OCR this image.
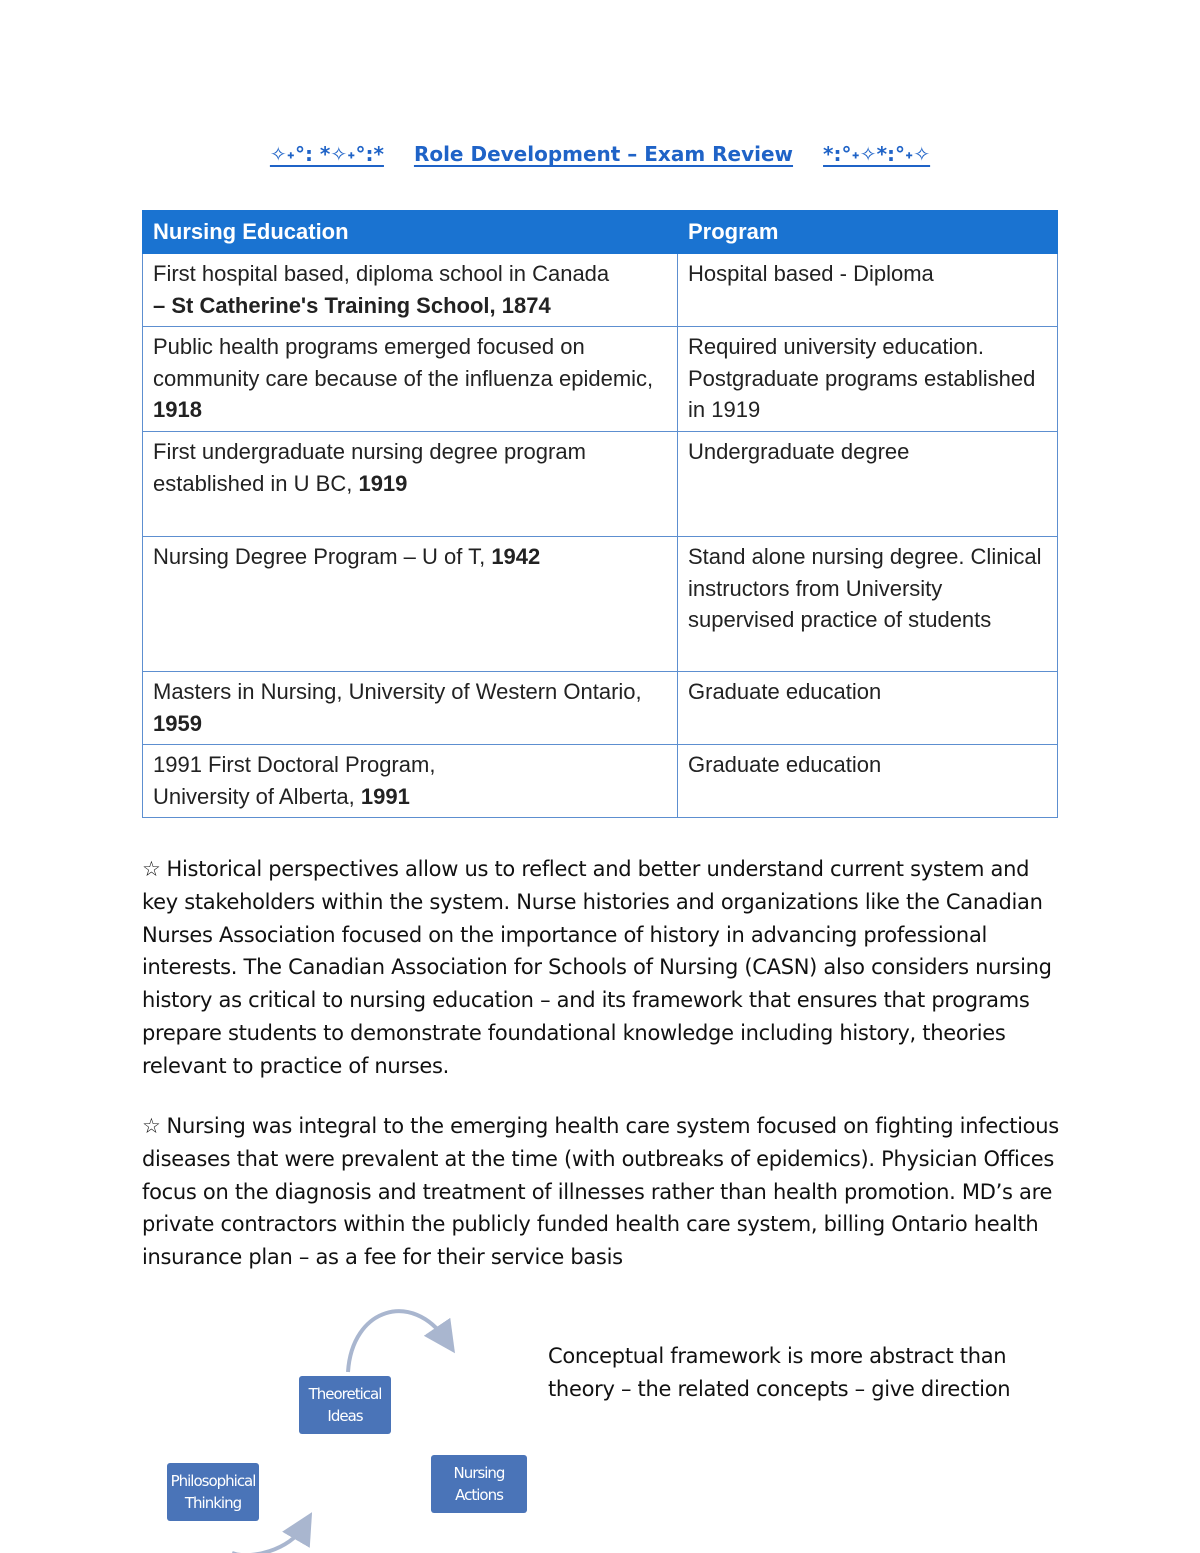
✧˖°: *✧˖°:* Role Development – Exam Review *:°˖✧*:°˖✧
Nursing Education	Program

First hospital based, diploma school in Canada
– St Catherine's Training School, 1874	Hospital based - Diploma
Public health programs emerged focused on community care because of the influenza epidemic, 1918	Required university education. Postgraduate programs established in 1919
First undergraduate nursing degree program established in U BC, 1919	Undergraduate degree
Nursing Degree Program – U of T, 1942	Stand alone nursing degree. Clinical instructors from University supervised practice of students
Masters in Nursing, University of Western Ontario, 1959	Graduate education

1991 First Doctoral Program,
University of Alberta, 1991	Graduate education

☆ Historical perspectives allow us to reflect and better understand current system and key stakeholders within the system. Nurse histories and organizations like the Canadian Nurses Association focused on the importance of history in advancing professional interests. The Canadian Association for Schools of Nursing (CASN) also considers nursing history as critical to nursing education – and its framework that ensures that programs prepare students to demonstrate foundational knowledge including history, theories relevant to practice of nurses.

☆ Nursing was integral to the emerging health care system focused on fighting infectious diseases that were prevalent at the time (with outbreaks of epidemics). Physician Offices focus on the diagnosis and treatment of illnesses rather than health promotion. MD’s are private contractors within the publicly funded health care system, billing Ontario health insurance plan – as a fee for their service basis

Theoretical Ideas
Philosophical Thinking
Nursing Actions
Conceptual framework is more abstract than theory – the related concepts – give direction
